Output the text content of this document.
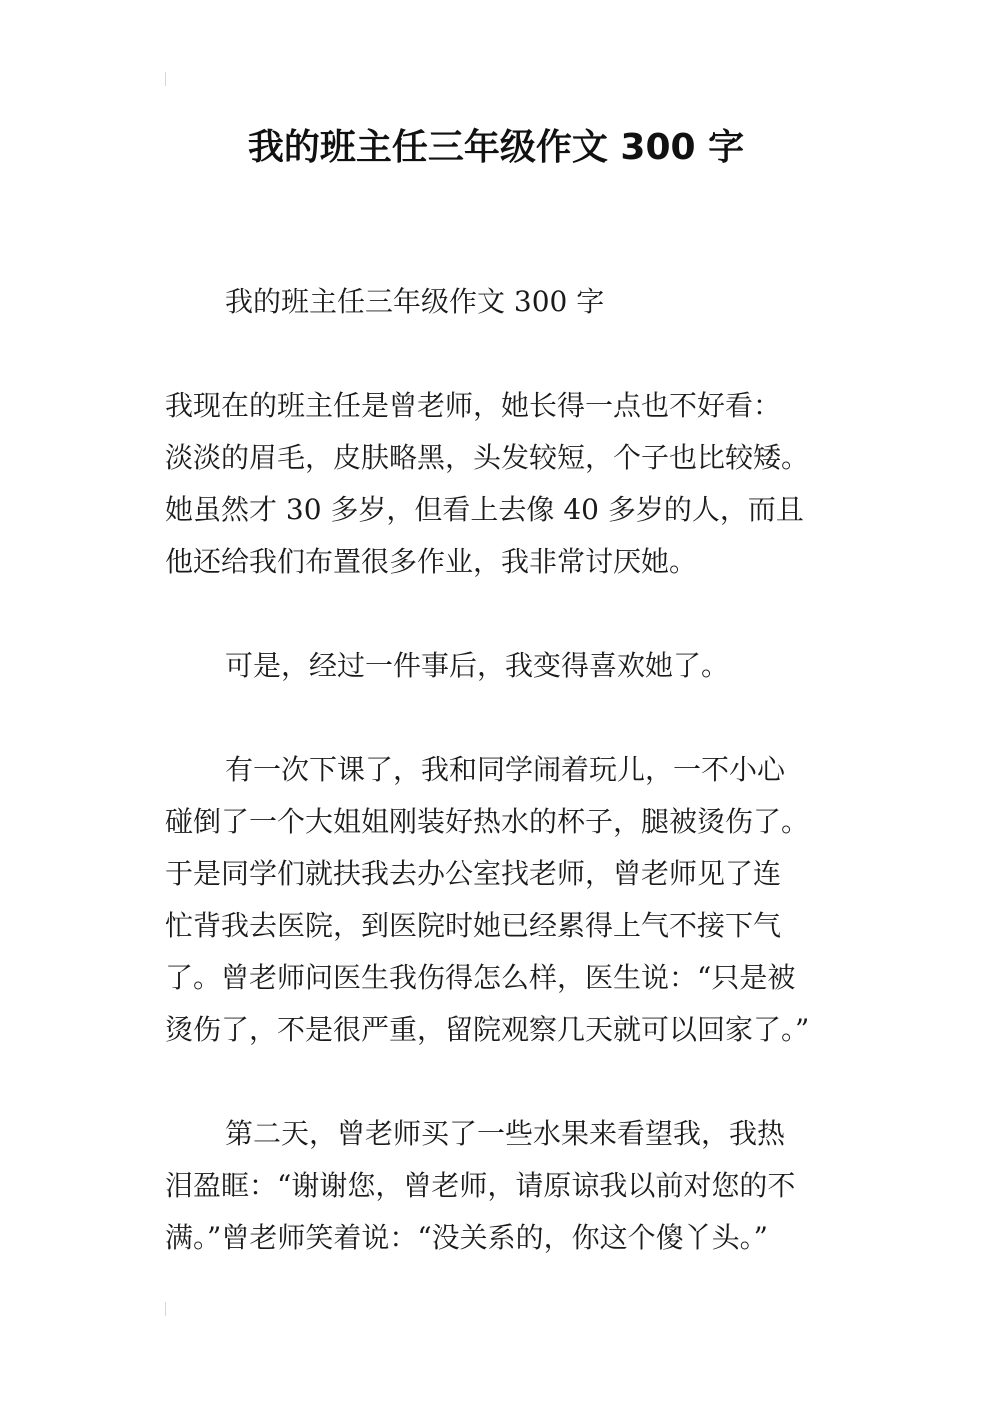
我的班主任三年级作文 300 字

我的班主任三年级作文 300 字

我现在的班主任是曾老师，她长得一点也不好看：
淡淡的眉毛，皮肤略黑，头发较短，个子也比较矮。
她虽然才 30 多岁，但看上去像 40 多岁的人，而且
他还给我们布置很多作业，我非常讨厌她。

可是，经过一件事后，我变得喜欢她了。

有一次下课了，我和同学闹着玩儿，一不小心
碰倒了一个大姐姐刚装好热水的杯子，腿被烫伤了。
于是同学们就扶我去办公室找老师，曾老师见了连
忙背我去医院，到医院时她已经累得上气不接下气
了。曾老师问医生我伤得怎么样，医生说：“只是被
烫伤了，不是很严重，留院观察几天就可以回家了。”

第二天，曾老师买了一些水果来看望我，我热
泪盈眶：“谢谢您，曾老师，请原谅我以前对您的不
满。”曾老师笑着说：“没关系的，你这个傻丫头。”
